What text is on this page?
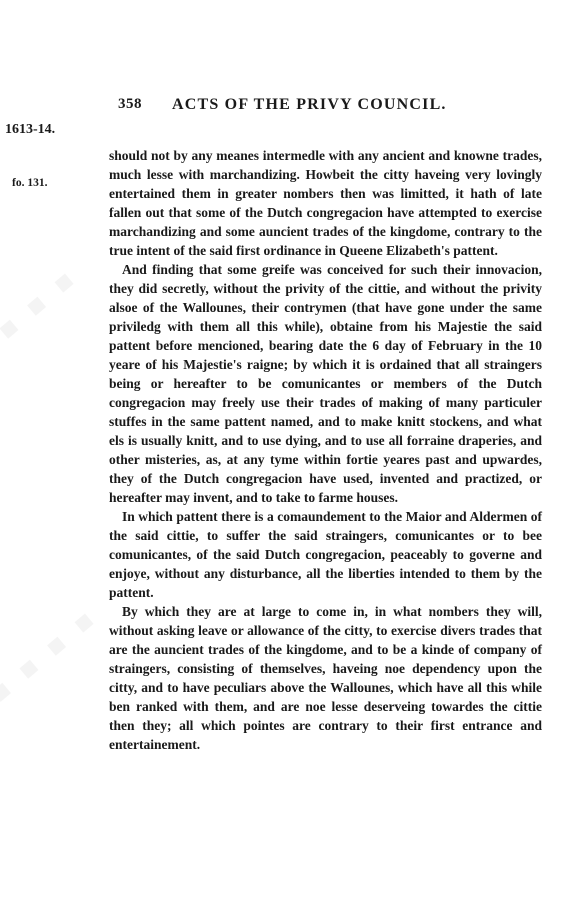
358 ACTS OF THE PRIVY COUNCIL.
1613-14.
fo. 131.

should not by any meanes intermedle with any ancient and knowne trades, much lesse with marchandizing. Howbeit the citty haveing very lovingly entertained them in greater nombers then was limitted, it hath of late fallen out that some of the Dutch congregacion have attempted to exercise marchandizing and some auncient trades of the kingdome, contrary to the true intent of the said first ordinance in Queene Elizabeth's pattent.

And finding that some greife was conceived for such their innovacion, they did secretly, without the privity of the cittie, and without the privity alsoe of the Wallounes, their contrymen (that have gone under the same priviledg with them all this while), obtaine from his Majestie the said pattent before mencioned, bearing date the 6 day of February in the 10 yeare of his Majestie's raigne; by which it is ordained that all straingers being or hereafter to be comunicantes or members of the Dutch congregacion may freely use their trades of making of many particuler stuffes in the same pattent named, and to make knitt stockens, and what els is usually knitt, and to use dying, and to use all forraine draperies, and other misteries, as, at any tyme within fortie yeares past and upwardes, they of the Dutch congregacion have used, invented and practized, or hereafter may invent, and to take to farme houses.

In which pattent there is a comaundement to the Maior and Aldermen of the said cittie, to suffer the said straingers, comunicantes or to bee comunicantes, of the said Dutch congregacion, peaceably to governe and enjoye, without any disturbance, all the liberties intended to them by the pattent.

By which they are at large to come in, in what nombers they will, without asking leave or allowance of the citty, to exercise divers trades that are the auncient trades of the kingdome, and to be a kinde of company of straingers, consisting of themselves, haveing noe dependency upon the citty, and to have peculiars above the Wallounes, which have all this while ben ranked with them, and are noe lesse deserveing towardes the cittie then they; all which pointes are contrary to their first entrance and entertainement.
